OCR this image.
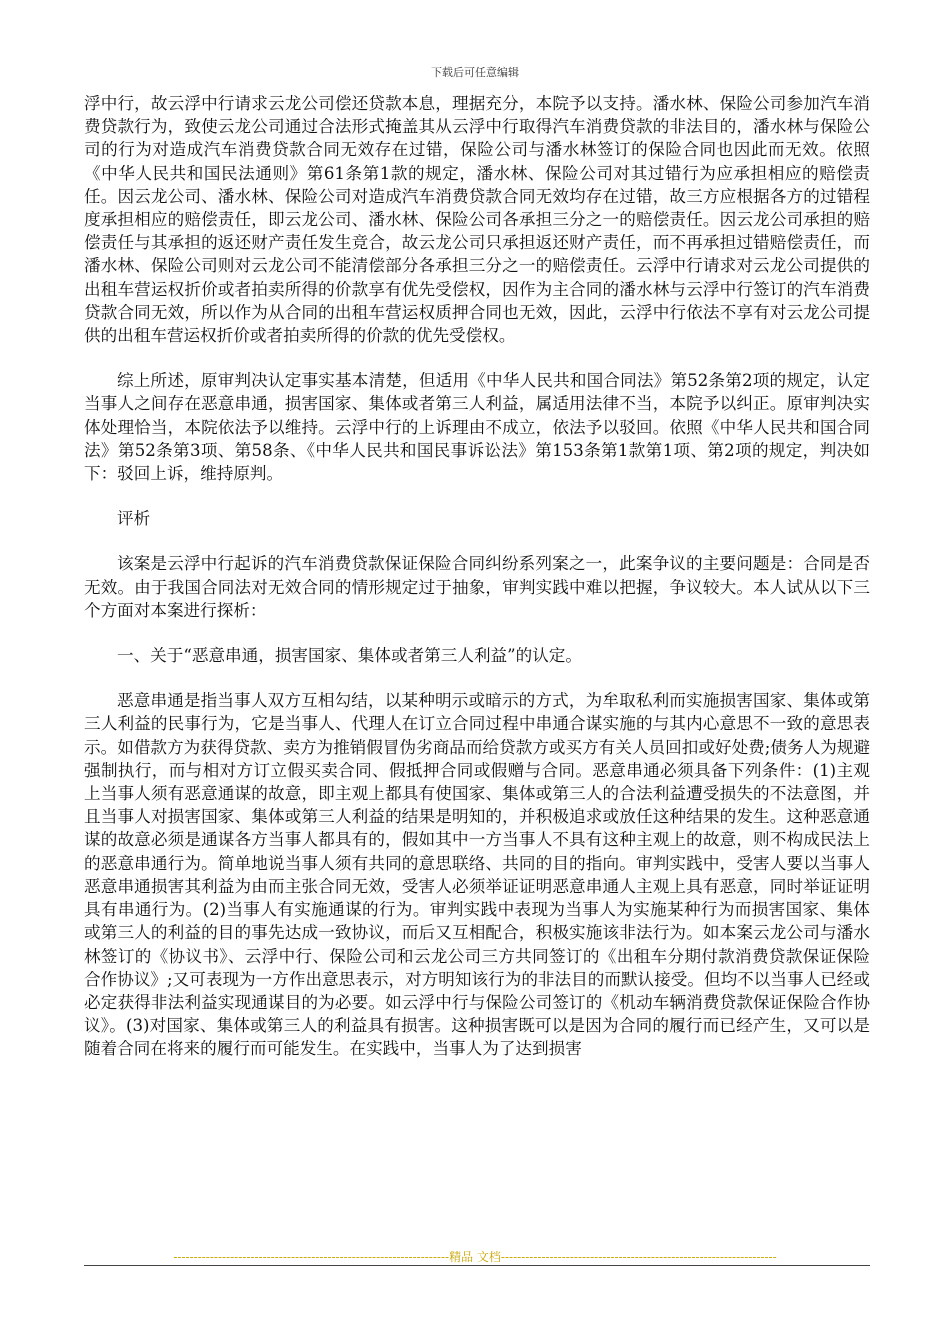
下载后可任意编辑

浮中行，故云浮中行请求云龙公司偿还贷款本息，理据充分，本院予以支持。潘水林、保险公司参加汽车消费贷款行为，致使云龙公司通过合法形式掩盖其从云浮中行取得汽车消费贷款的非法目的，潘水林与保险公司的行为对造成汽车消费贷款合同无效存在过错，保险公司与潘水林签订的保险合同也因此而无效。依照《中华人民共和国民法通则》第61条第1款的规定，潘水林、保险公司对其过错行为应承担相应的赔偿责任。因云龙公司、潘水林、保险公司对造成汽车消费贷款合同无效均存在过错，故三方应根据各方的过错程度承担相应的赔偿责任，即云龙公司、潘水林、保险公司各承担三分之一的赔偿责任。因云龙公司承担的赔偿责任与其承担的返还财产责任发生竞合，故云龙公司只承担返还财产责任，而不再承担过错赔偿责任，而潘水林、保险公司则对云龙公司不能清偿部分各承担三分之一的赔偿责任。云浮中行请求对云龙公司提供的出租车营运权折价或者拍卖所得的价款享有优先受偿权，因作为主合同的潘水林与云浮中行签订的汽车消费贷款合同无效，所以作为从合同的出租车营运权质押合同也无效，因此，云浮中行依法不享有对云龙公司提供的出租车营运权折价或者拍卖所得的价款的优先受偿权。

综上所述，原审判决认定事实基本清楚，但适用《中华人民共和国合同法》第52条第2项的规定，认定当事人之间存在恶意串通，损害国家、集体或者第三人利益，属适用法律不当，本院予以纠正。原审判决实体处理恰当，本院依法予以维持。云浮中行的上诉理由不成立，依法予以驳回。依照《中华人民共和国合同法》第52条第3项、第58条、《中华人民共和国民事诉讼法》第153条第1款第1项、第2项的规定，判决如下：驳回上诉，维持原判。

评析

该案是云浮中行起诉的汽车消费贷款保证保险合同纠纷系列案之一，此案争议的主要问题是：合同是否无效。由于我国合同法对无效合同的情形规定过于抽象，审判实践中难以把握，争议较大。本人试从以下三个方面对本案进行探析：

一、关于“恶意串通，损害国家、集体或者第三人利益”的认定。

恶意串通是指当事人双方互相勾结，以某种明示或暗示的方式，为牟取私利而实施损害国家、集体或第三人利益的民事行为，它是当事人、代理人在订立合同过程中串通合谋实施的与其内心意思不一致的意思表示。如借款方为获得贷款、卖方为推销假冒伪劣商品而给贷款方或买方有关人员回扣或好处费;债务人为规避强制执行，而与相对方订立假买卖合同、假抵押合同或假赠与合同。恶意串通必须具备下列条件：(1)主观上当事人须有恶意通谋的故意，即主观上都具有使国家、集体或第三人的合法利益遭受损失的不法意图，并且当事人对损害国家、集体或第三人利益的结果是明知的，并积极追求或放任这种结果的发生。这种恶意通谋的故意必须是通谋各方当事人都具有的，假如其中一方当事人不具有这种主观上的故意，则不构成民法上的恶意串通行为。简单地说当事人须有共同的意思联络、共同的目的指向。审判实践中，受害人要以当事人恶意串通损害其利益为由而主张合同无效，受害人必须举证证明恶意串通人主观上具有恶意，同时举证证明具有串通行为。(2)当事人有实施通谋的行为。审判实践中表现为当事人为实施某种行为而损害国家、集体或第三人的利益的目的事先达成一致协议，而后又互相配合，积极实施该非法行为。如本案云龙公司与潘水林签订的《协议书》、云浮中行、保险公司和云龙公司三方共同签订的《出租车分期付款消费贷款保证保险合作协议》;又可表现为一方作出意思表示，对方明知该行为的非法目的而默认接受。但均不以当事人已经或必定获得非法利益实现通谋目的为必要。如云浮中行与保险公司签订的《机动车辆消费贷款保证保险合作协议》。(3)对国家、集体或第三人的利益具有损害。这种损害既可以是因为合同的履行而已经产生，又可以是随着合同在将来的履行而可能发生。在实践中，当事人为了达到损害

--------------------------------------------------------------------精品 文档--------------------------------------------------------------------
